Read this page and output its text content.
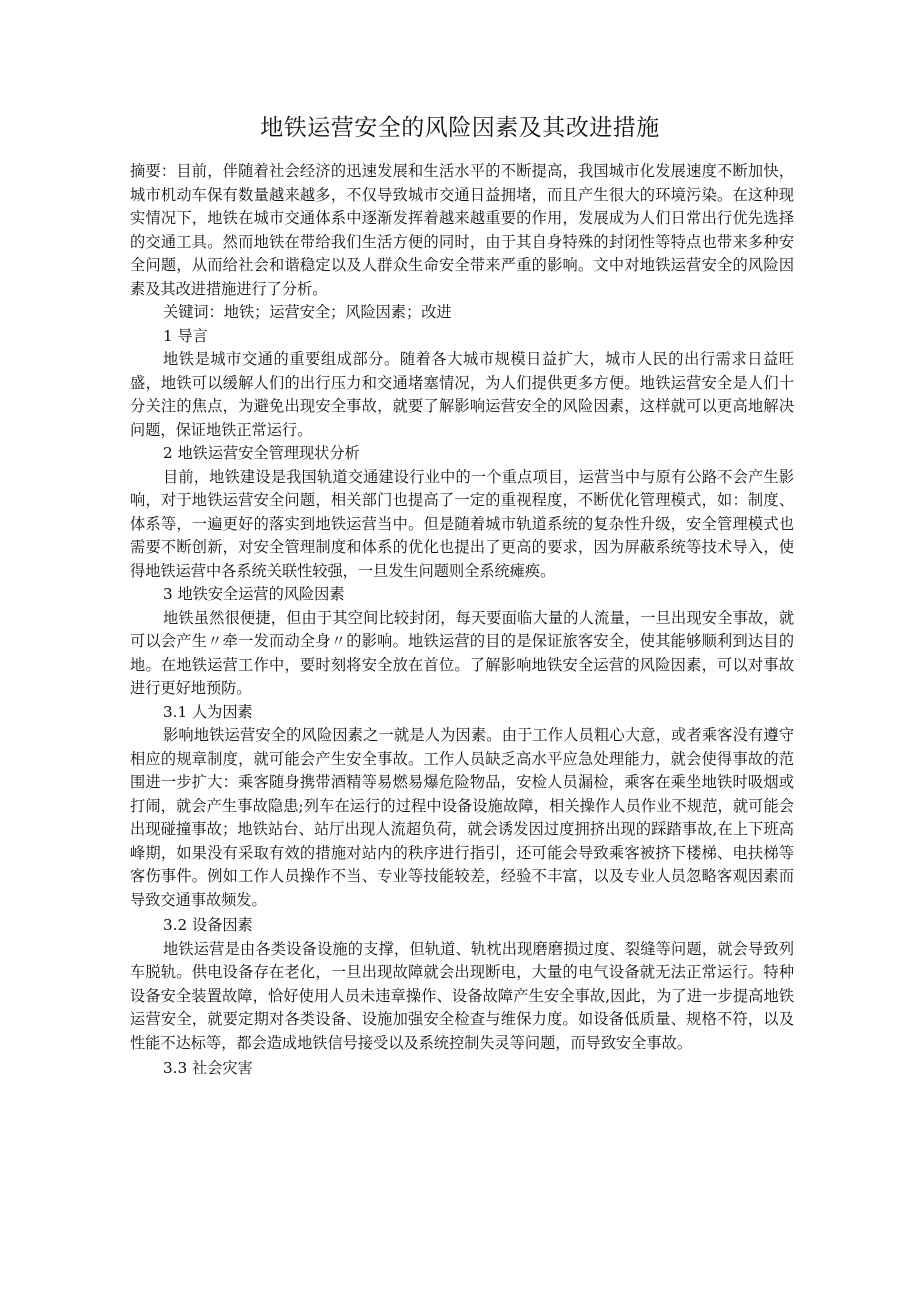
地铁运营安全的风险因素及其改进措施

摘要：目前，伴随着社会经济的迅速发展和生活水平的不断提高，我国城市化发展速度不断加快，城市机动车保有数量越来越多，不仅导致城市交通日益拥堵，而且产生很大的环境污染。在这种现实情况下，地铁在城市交通体系中逐渐发挥着越来越重要的作用，发展成为人们日常出行优先选择的交通工具。然而地铁在带给我们生活方便的同时，由于其自身特殊的封闭性等特点也带来多种安全问题，从而给社会和谐稳定以及人群众生命安全带来严重的影响。文中对地铁运营安全的风险因素及其改进措施进行了分析。

关键词：地铁；运营安全；风险因素；改进

1 导言

地铁是城市交通的重要组成部分。随着各大城市规模日益扩大，城市人民的出行需求日益旺盛，地铁可以缓解人们的出行压力和交通堵塞情况，为人们提供更多方便。地铁运营安全是人们十分关注的焦点，为避免出现安全事故，就要了解影响运营安全的风险因素，这样就可以更高地解决问题，保证地铁正常运行。

2 地铁运营安全管理现状分析

目前，地铁建设是我国轨道交通建设行业中的一个重点项目，运营当中与原有公路不会产生影响，对于地铁运营安全问题，相关部门也提高了一定的重视程度，不断优化管理模式，如：制度、体系等，一遍更好的落实到地铁运营当中。但是随着城市轨道系统的复杂性升级，安全管理模式也需要不断创新，对安全管理制度和体系的优化也提出了更高的要求，因为屏蔽系统等技术导入，使得地铁运营中各系统关联性较强，一旦发生问题则全系统瘫痪。

3 地铁安全运营的风险因素

地铁虽然很便捷，但由于其空间比较封闭，每天要面临大量的人流量，一旦出现安全事故，就可以会产生〃牵一发而动全身〃的影响。地铁运营的目的是保证旅客安全，使其能够顺利到达目的地。在地铁运营工作中，要时刻将安全放在首位。了解影响地铁安全运营的风险因素，可以对事故进行更好地预防。

3.1 人为因素

影响地铁运营安全的风险因素之一就是人为因素。由于工作人员粗心大意，或者乘客没有遵守相应的规章制度，就可能会产生安全事故。工作人员缺乏高水平应急处理能力，就会使得事故的范围进一步扩大：乘客随身携带酒精等易燃易爆危险物品，安检人员漏检，乘客在乘坐地铁时吸烟或打闹，就会产生事故隐患;列车在运行的过程中设备设施故障，相关操作人员作业不规范，就可能会出现碰撞事故；地铁站台、站厅出现人流超负荷，就会诱发因过度拥挤出现的踩踏事故,在上下班高峰期，如果没有采取有效的措施对站内的秩序进行指引，还可能会导致乘客被挤下楼梯、电扶梯等客伤事件。例如工作人员操作不当、专业等技能较差，经验不丰富，以及专业人员忽略客观因素而导致交通事故频发。

3.2 设备因素

地铁运营是由各类设备设施的支撑，但轨道、轨枕出现磨磨损过度、裂缝等问题，就会导致列车脱轨。供电设备存在老化，一旦出现故障就会出现断电，大量的电气设备就无法正常运行。特种设备安全装置故障，恰好使用人员未违章操作、设备故障产生安全事故,因此，为了进一步提高地铁运营安全，就要定期对各类设备、设施加强安全检查与维保力度。如设备低质量、规格不符，以及性能不达标等，都会造成地铁信号接受以及系统控制失灵等问题，而导致安全事故。

3.3 社会灾害
